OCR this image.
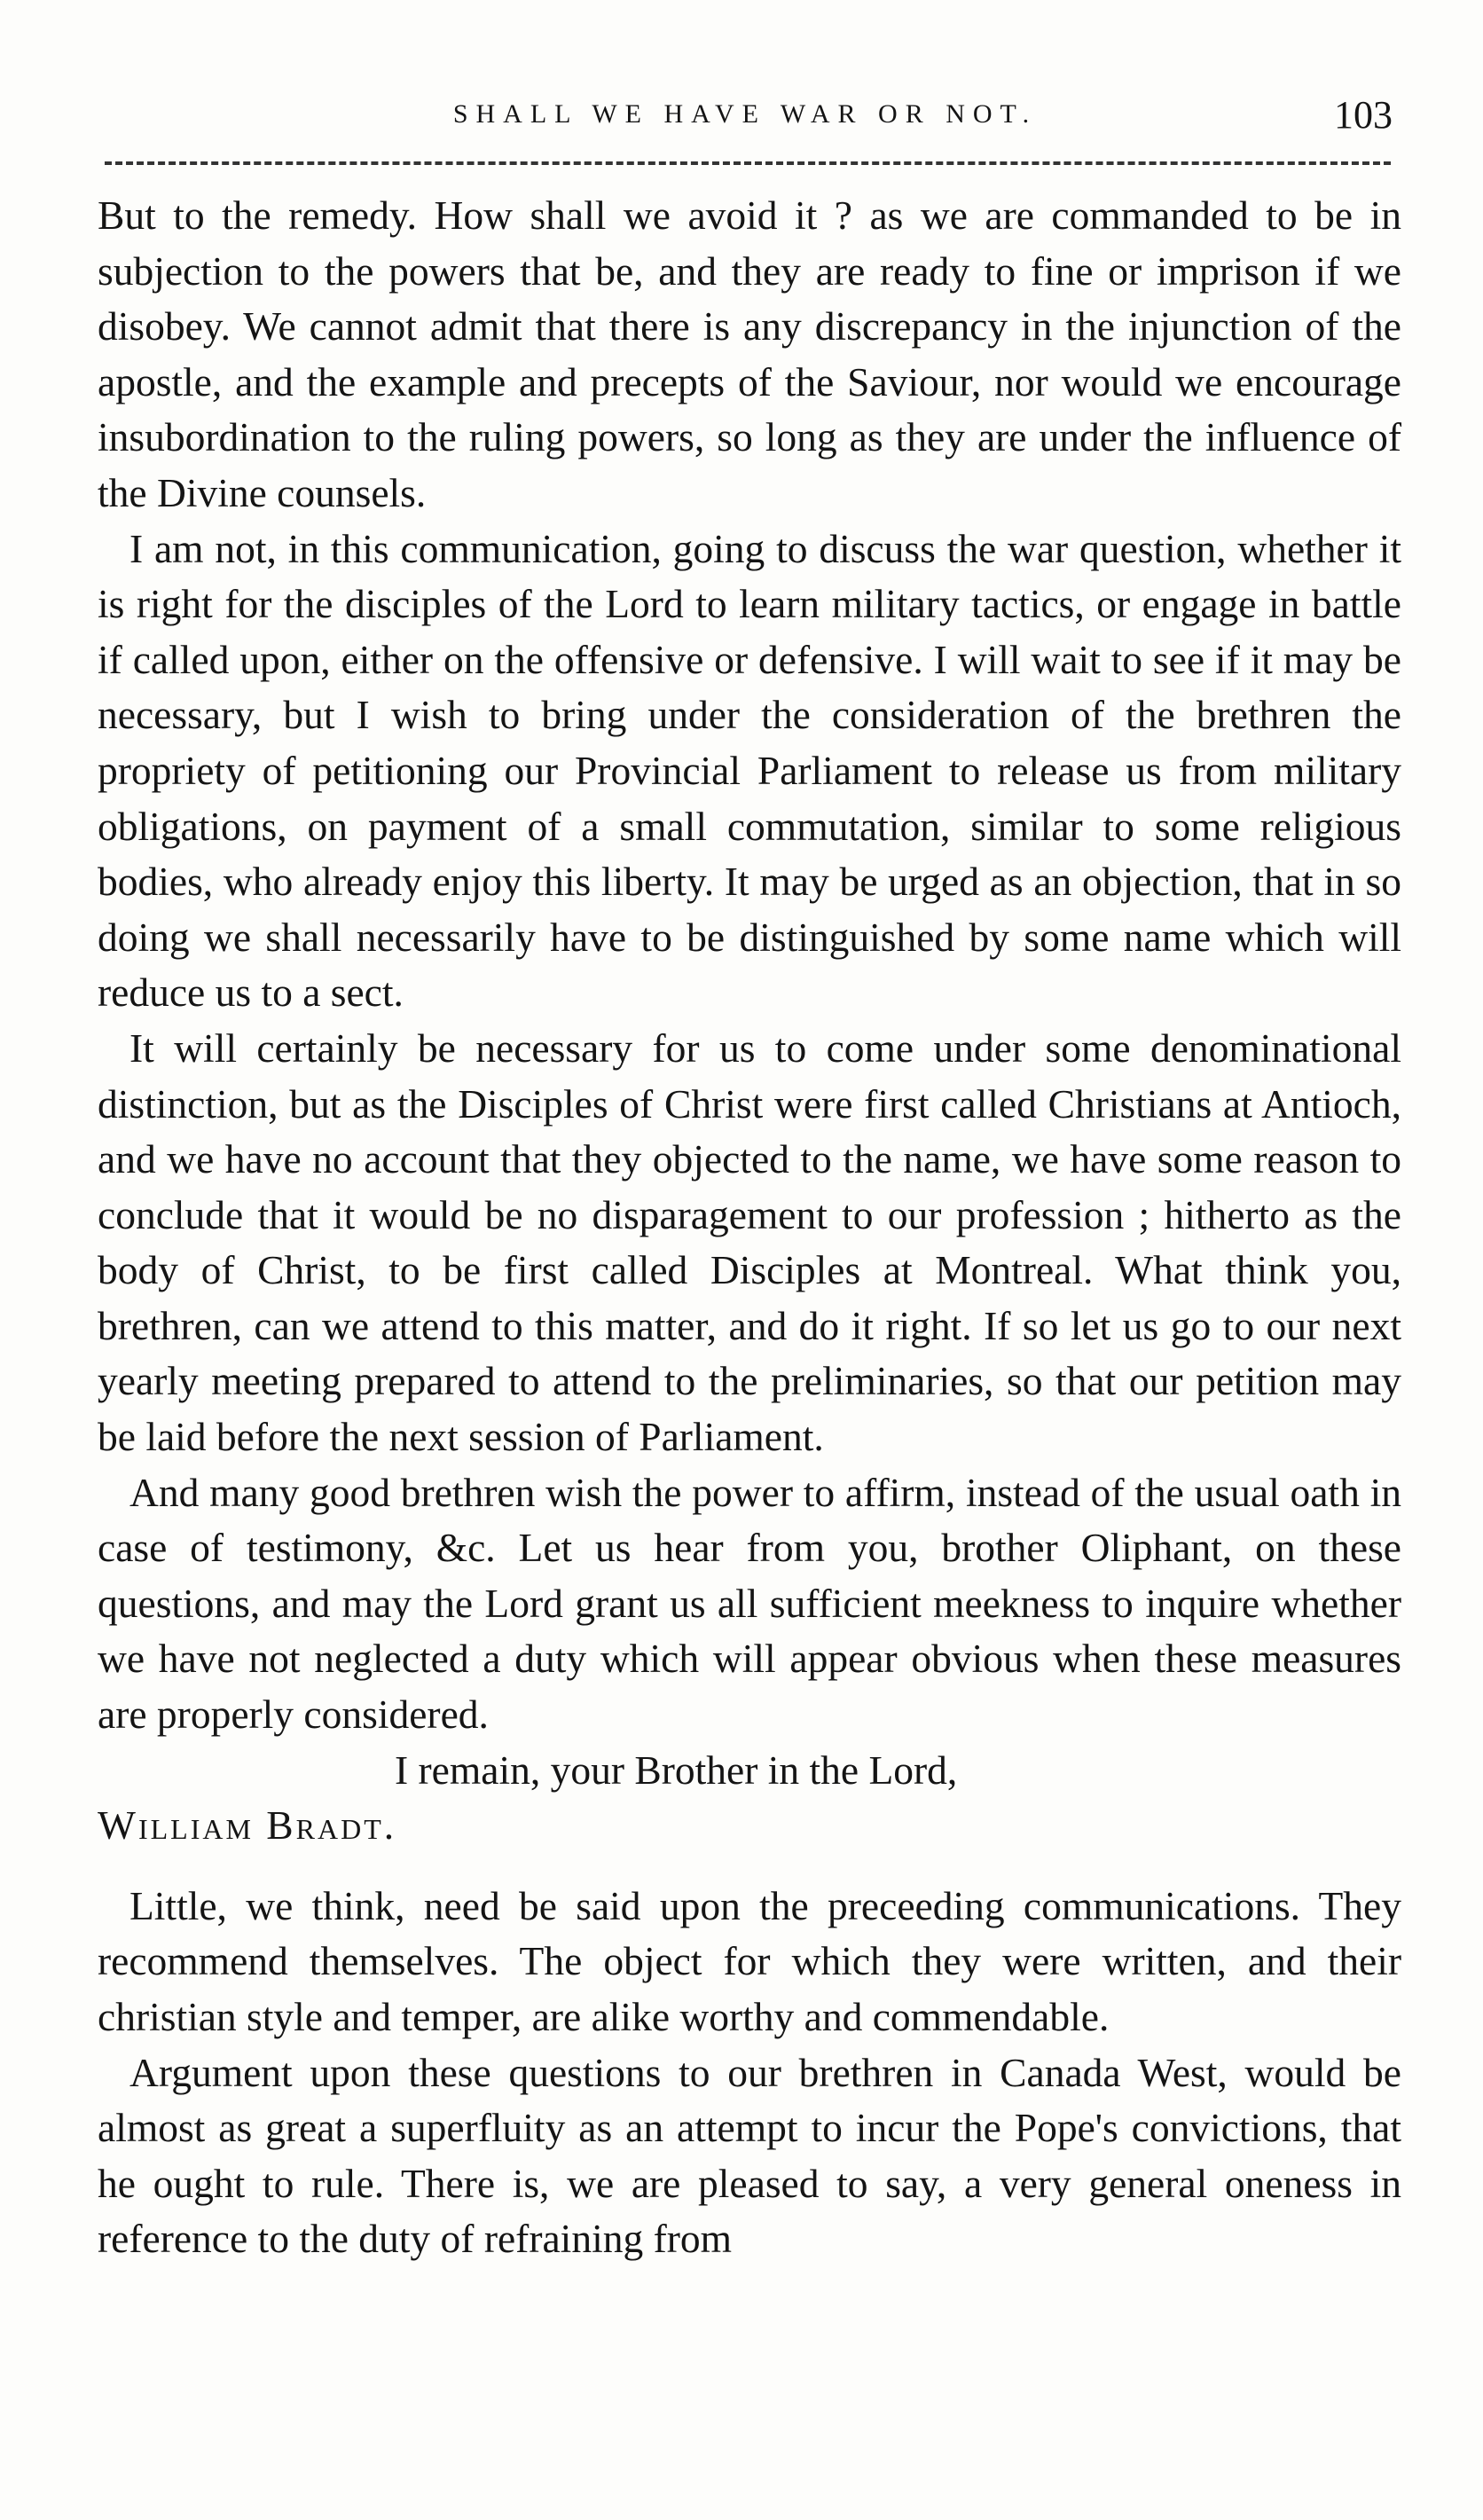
SHALL WE HAVE WAR OR NOT.	103

But to the remedy. How shall we avoid it ? as we are commanded to be in subjection to the powers that be, and they are ready to fine or imprison if we disobey. We cannot admit that there is any discrepancy in the injunction of the apostle, and the example and precepts of the Saviour, nor would we encourage insubordination to the ruling powers, so long as they are under the influence of the Divine counsels.

I am not, in this communication, going to discuss the war question, whether it is right for the disciples of the Lord to learn military tactics, or engage in battle if called upon, either on the offensive or defensive. I will wait to see if it may be necessary, but I wish to bring under the consideration of the brethren the propriety of petitioning our Provincial Parliament to release us from military obligations, on payment of a small commutation, similar to some religious bodies, who already enjoy this liberty. It may be urged as an objection, that in so doing we shall necessarily have to be distinguished by some name which will reduce us to a sect.

It will certainly be necessary for us to come under some denominational distinction, but as the Disciples of Christ were first called Christians at Antioch, and we have no account that they objected to the name, we have some reason to conclude that it would be no disparagement to our profession ; hitherto as the body of Christ, to be first called Disciples at Montreal. What think you, brethren, can we attend to this matter, and do it right. If so let us go to our next yearly meeting prepared to attend to the preliminaries, so that our petition may be laid before the next session of Parliament.

And many good brethren wish the power to affirm, instead of the usual oath in case of testimony, &c. Let us hear from you, brother Oliphant, on these questions, and may the Lord grant us all sufficient meekness to inquire whether we have not neglected a duty which will appear obvious when these measures are properly considered.

I remain, your Brother in the Lord,

William Bradt.

Little, we think, need be said upon the preceeding communications. They recommend themselves. The object for which they were written, and their christian style and temper, are alike worthy and commendable.

Argument upon these questions to our brethren in Canada West, would be almost as great a superfluity as an attempt to incur the Pope's convictions, that he ought to rule. There is, we are pleased to say, a very general oneness in reference to the duty of refraining from
